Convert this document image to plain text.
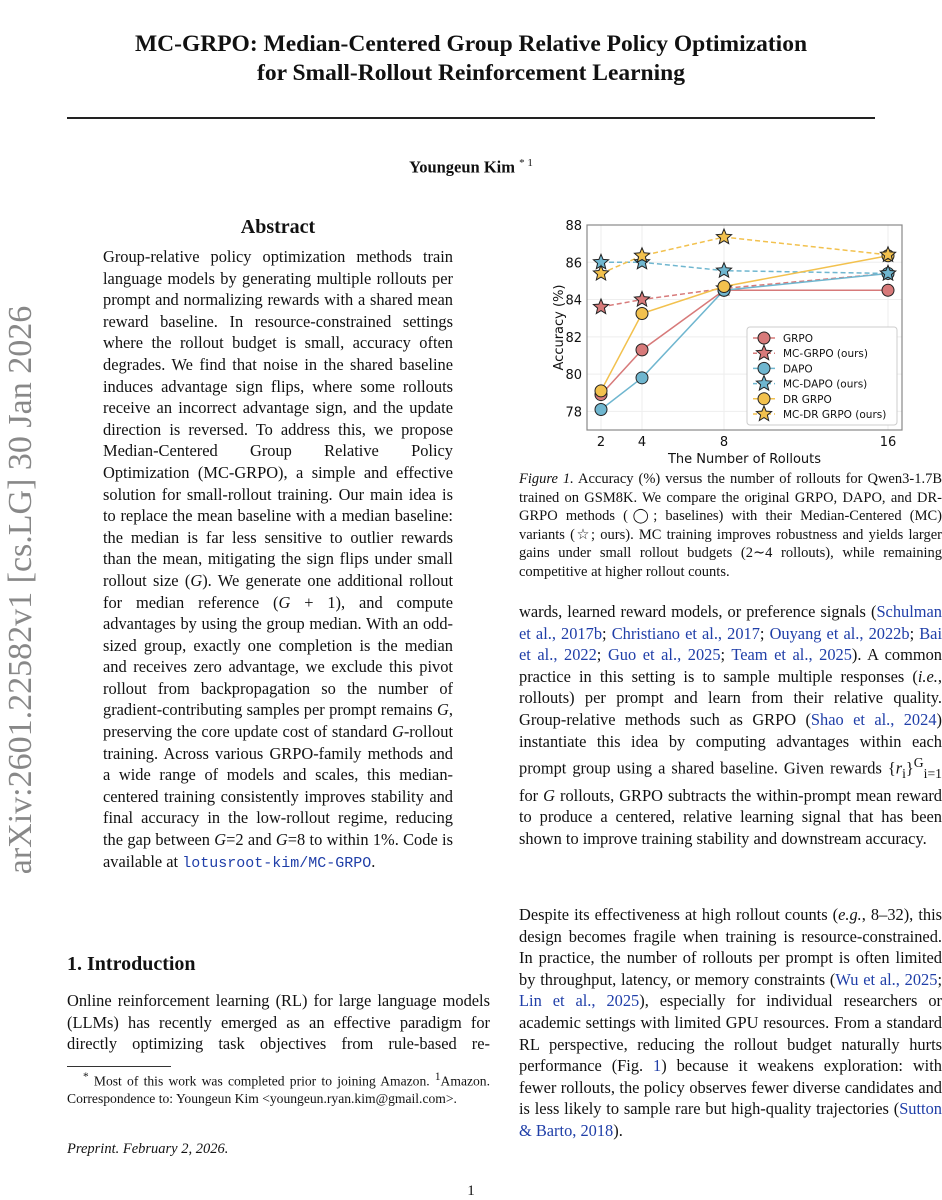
MC-GRPO: Median-Centered Group Relative Policy Optimization
for Small-Rollout Reinforcement Learning
Youngeun Kim $^{* 1}$
arXiv:2601.22582v1 [cs.LG] 30 Jan 2026
Abstract

Group-relative policy optimization methods train language models by generating multiple rollouts per prompt and normalizing rewards with a shared mean reward baseline. In resource-constrained settings where the rollout budget is small, accuracy often degrades. We find that noise in the shared baseline induces advantage sign flips, where some rollouts receive an incorrect advantage sign, and the update direction is reversed. To address this, we propose Median-Centered Group Relative Policy Optimization (MC-GRPO), a simple and effective solution for small-rollout training. Our main idea is to replace the mean baseline with a median baseline: the median is far less sensitive to outlier rewards than the mean, mitigating the sign flips under small rollout size (G). We generate one additional rollout for median reference (G + 1), and compute advantages by using the group median. With an odd-sized group, exactly one completion is the median and receives zero advantage, we exclude this pivot rollout from backpropagation so the number of gradient-contributing samples per prompt remains G, preserving the core update cost of standard G-rollout training. Across various GRPO-family methods and a wide range of models and scales, this median-centered training consistently improves stability and final accuracy in the low-rollout regime, reducing the gap between G=2 and G=8 to within 1%. Code is available at lotusroot-kim/MC-GRPO.

1. Introduction

Online reinforcement learning (RL) for large language models (LLMs) has recently emerged as an effective paradigm for directly optimizing task objectives from rule-based re-

* Most of this work was completed prior to joining Amazon. $^1$Amazon. Correspondence to: Youngeun Kim <youngeun.ryan.kim@gmail.com>.
Preprint. February 2, 2026.
78
80
82
84
86
88
2	4	8	16
The Number of Rollouts
Accuracy (%)	GRPO
MC-GRPO (ours)
DAPO
MC-DAPO (ours)
DR GRPO
MC-DR GRPO (ours)
Figure 1. Accuracy (%) versus the number of rollouts for Qwen3-1.7B trained on GSM8K. We compare the original GRPO, DAPO, and DR-GRPO methods (◯; baselines) with their Median-Centered (MC) variants (☆; ours). MC training improves robustness and yields larger gains under small rollout budgets (2∼4 rollouts), while remaining competitive at higher rollout counts.

wards, learned reward models, or preference signals (Schulman et al., 2017b; Christiano et al., 2017; Ouyang et al., 2022b; Bai et al., 2022; Guo et al., 2025; Team et al., 2025). A common practice in this setting is to sample multiple responses (i.e., rollouts) per prompt and learn from their relative quality. Group-relative methods such as GRPO (Shao et al., 2024) instantiate this idea by computing advantages within each prompt group using a shared baseline. Given rewards $\{r_i\}^G_{i=1}$ for G rollouts, GRPO subtracts the within-prompt mean reward to produce a centered, relative learning signal that has been shown to improve training stability and downstream accuracy.

Despite its effectiveness at high rollout counts (e.g., 8–32), this design becomes fragile when training is resource-constrained. In practice, the number of rollouts per prompt is often limited by throughput, latency, or memory constraints (Wu et al., 2025; Lin et al., 2025), especially for individual researchers or academic settings with limited GPU resources. From a standard RL perspective, reducing the rollout budget naturally hurts performance (Fig. 1) because it weakens exploration: with fewer rollouts, the policy observes fewer diverse candidates and is less likely to sample rare but high-quality trajectories (Sutton & Barto, 2018).

1
